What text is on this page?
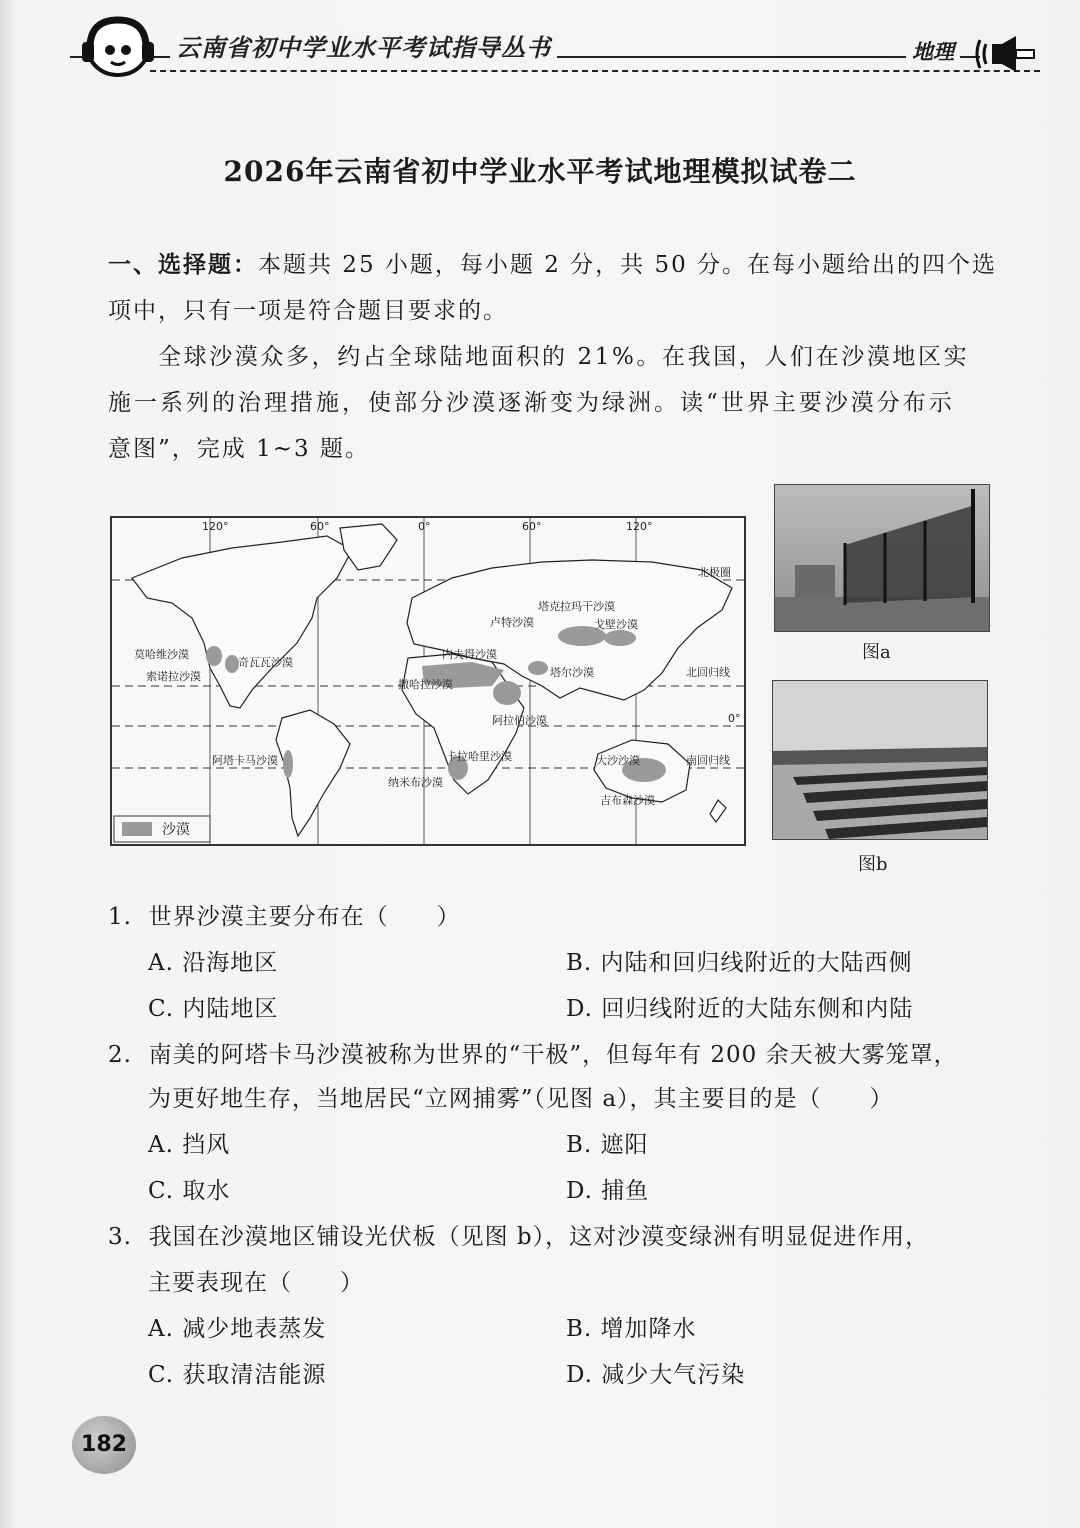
云南省初中学业水平考试指导丛书	地理
2026年云南省初中学业水平考试地理模拟试卷二
一、选择题：本题共 25 小题，每小题 2 分，共 50 分。在每小题给出的四个选
项中，只有一项是符合题目要求的。
全球沙漠众多，约占全球陆地面积的 21%。在我国，人们在沙漠地区实
施一系列的治理措施，使部分沙漠逐渐变为绿洲。读“世界主要沙漠分布示
意图”，完成 1~3 题。
120°	60°	0°	60°	120°
北极圈
北回归线
0°
南回归线
莫哈维沙漠
奇瓦瓦沙漠
索诺拉沙漠
塔克拉玛干沙漠
卢特沙漠	戈壁沙漠
内夫得沙漠
塔尔沙漠
撒哈拉沙漠
阿拉伯沙漠
阿塔卡马沙漠	卡拉哈里沙漠
纳米布沙漠
大沙沙漠
吉布森沙漠
沙漠
图a
图b
1. 世界沙漠主要分布在（　　）
A. 沿海地区	B. 内陆和回归线附近的大陆西侧
C. 内陆地区	D. 回归线附近的大陆东侧和内陆
2. 南美的阿塔卡马沙漠被称为世界的“干极”，但每年有 200 余天被大雾笼罩，
为更好地生存，当地居民“立网捕雾”（见图 a），其主要目的是（　　）
A. 挡风	B. 遮阳
C. 取水	D. 捕鱼
3. 我国在沙漠地区铺设光伏板（见图 b），这对沙漠变绿洲有明显促进作用，
主要表现在（　　）
A. 减少地表蒸发	B. 增加降水
C. 获取清洁能源	D. 减少大气污染
182
